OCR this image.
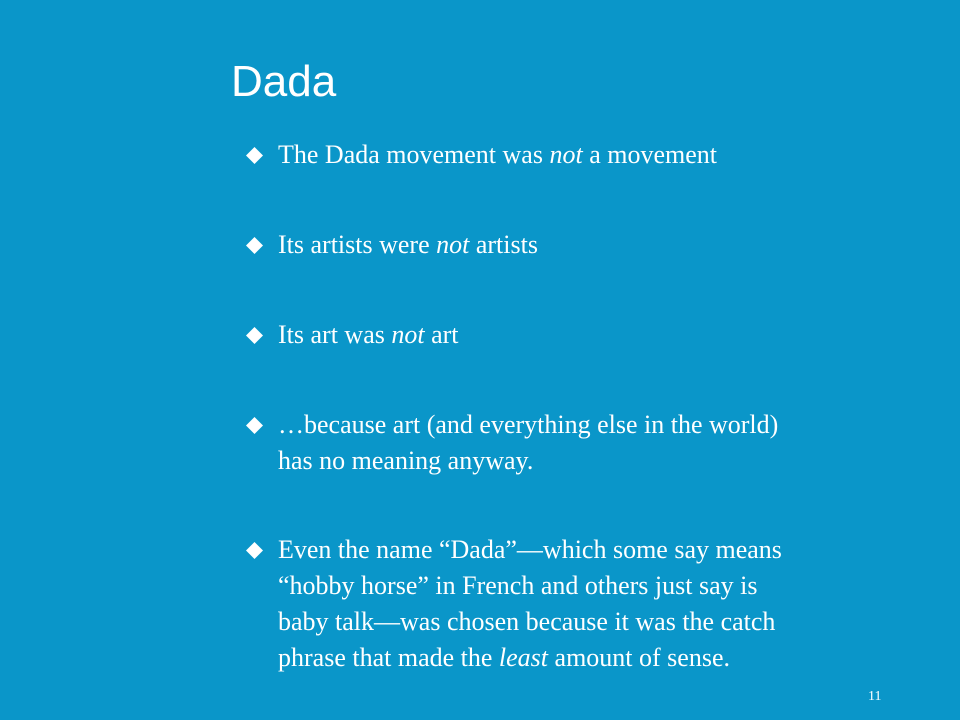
Dada
The Dada movement was not a movement
Its artists were not artists
Its art was not art
…because art (and everything else in the world)
has no meaning anyway.
Even the name “Dada”—which some say means
“hobby horse” in French and others just say is
baby talk—was chosen because it was the catch
phrase that made the least amount of sense.
11
